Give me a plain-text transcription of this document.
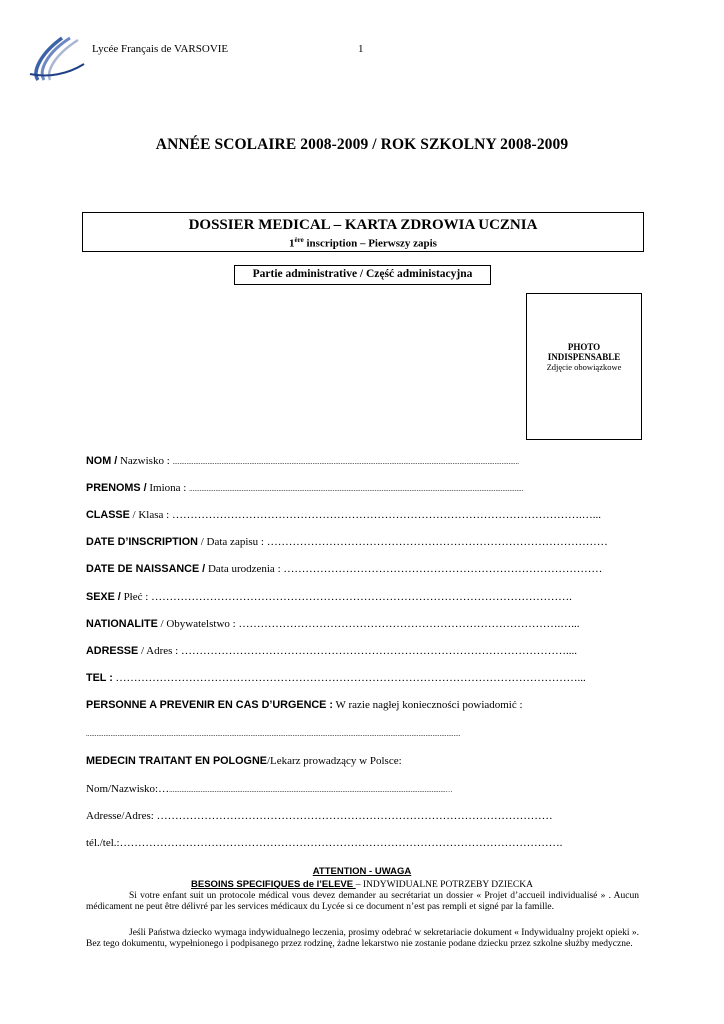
Lycée Français de VARSOVIE	1
ANNÉE SCOLAIRE 2008-2009 / ROK SZKOLNY 2008-2009
DOSSIER MEDICAL – KARTA ZDROWIA UCZNIA
1ère inscription – Pierwszy zapis
Partie administrative / Część administacyjna
PHOTO
INDISPENSABLE
Zdjęcie obowiązkowe
NOM / Nazwisko : ......................................................................................................................................................................................................
PRENOMS / Imiona : ...............................................................................................................................................................................................
CLASSE / Klasa : ………………………………………………………………………………………………….…...
DATE D’INSCRIPTION / Data zapisu : …………………………………………………………………………………
DATE DE NAISSANCE / Data urodzenia : ……………………………………………………………………………
SEXE / Płeć : …………………………………………………………………………………………………….
NATIONALITE / Obywatelstwo : …………………………………………………………………………….…...
ADRESSE / Adres : ……………………………………………………………………………………………....
TEL : ………………………………………………………………………………………………………………...
PERSONNE A PREVENIR EN CAS D’URGENCE : W razie nagłej konieczności powiadomić :
......................................................................................................................................................................................................................
MEDECIN TRAITANT EN POLOGNE/Lekarz prowadzący w Polsce:
Nom/Nazwisko:…..............................................................................................................................................................…
Adresse/Adres: ………………………………………………………………………………………………
tél./tel.:………………………………………………………………………………………………………….
ATTENTION - UWAGA
BESOINS SPECIFIQUES de l’ELEVE – INDYWIDUALNE POTRZEBY DZIECKA
Si votre enfant suit un protocole médical vous devez demander au secrétariat un dossier « Projet d’accueil individualisé » . Aucun médicament ne peut être délivré par les services médicaux du Lycée si ce document n’est pas rempli et signé par la famille.
Jeśli Państwa dziecko wymaga indywidualnego leczenia, prosimy odebrać w sekretariacie dokument « Indywidualny projekt opieki ». Bez tego dokumentu, wypełnionego i podpisanego przez rodzinę, żadne lekarstwo nie zostanie podane dziecku przez szkolne służby medyczne.
